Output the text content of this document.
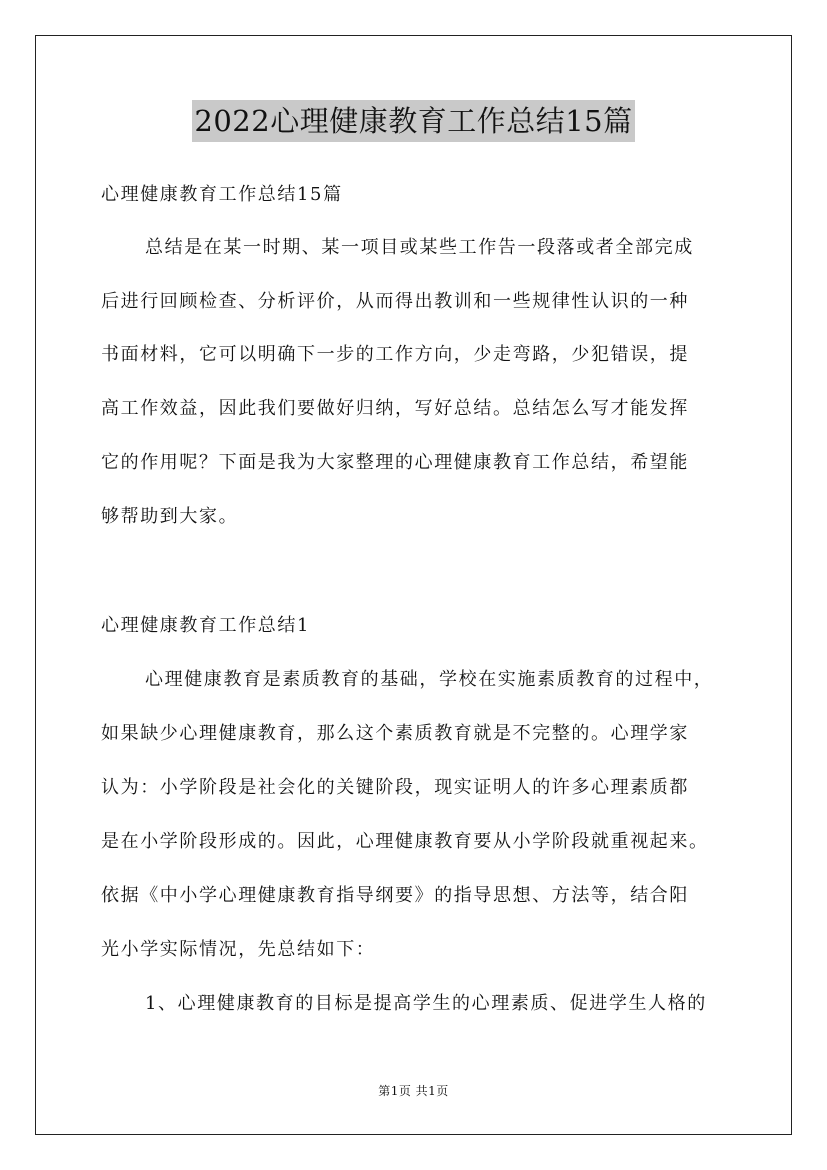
2022心理健康教育工作总结15篇
心理健康教育工作总结15篇
总结是在某一时期、某一项目或某些工作告一段落或者全部完成
后进行回顾检查、分析评价，从而得出教训和一些规律性认识的一种
书面材料，它可以明确下一步的工作方向，少走弯路，少犯错误，提
高工作效益，因此我们要做好归纳，写好总结。总结怎么写才能发挥
它的作用呢？下面是我为大家整理的心理健康教育工作总结，希望能
够帮助到大家。
心理健康教育工作总结1
心理健康教育是素质教育的基础，学校在实施素质教育的过程中，
如果缺少心理健康教育，那么这个素质教育就是不完整的。心理学家
认为：小学阶段是社会化的关键阶段，现实证明人的许多心理素质都
是在小学阶段形成的。因此，心理健康教育要从小学阶段就重视起来。
依据《中小学心理健康教育指导纲要》的指导思想、方法等，结合阳
光小学实际情况，先总结如下：
1、心理健康教育的目标是提高学生的心理素质、促进学生人格的
第1页 共1页
